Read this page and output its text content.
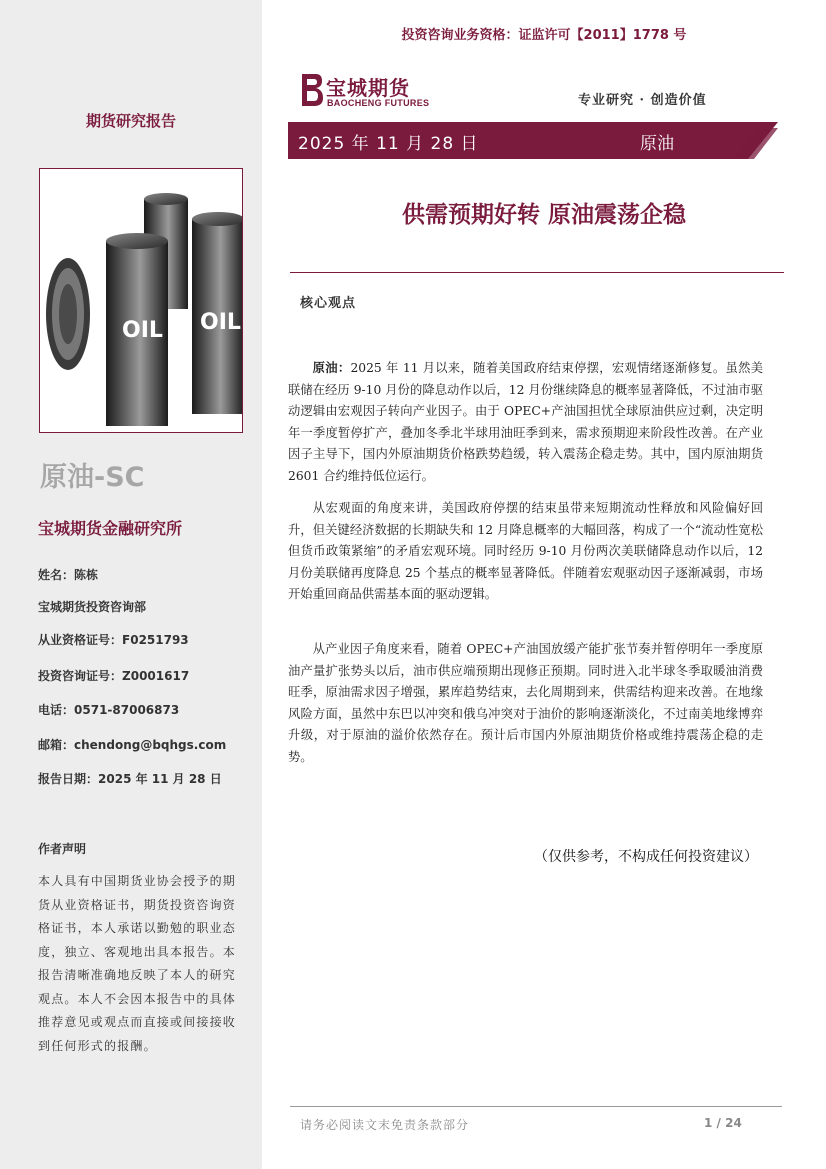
期货研究报告
OIL OIL
原油-SC
宝城期货金融研究所
姓名：陈栋
宝城期货投资咨询部
从业资格证号：F0251793
投资咨询证号：Z0001617
电话：0571-87006873
邮箱：chendong@bqhgs.com
报告日期：2025 年 11 月 28 日
作者声明
本人具有中国期货业协会授予的期货从业资格证书，期货投资咨询资格证书，本人承诺以勤勉的职业态度，独立、客观地出具本报告。本报告清晰准确地反映了本人的研究观点。本人不会因本报告中的具体推荐意见或观点而直接或间接接收到任何形式的报酬。
投资咨询业务资格：证监许可【2011】1778 号
宝城期货
BAOCHENG FUTURES	专业研究 · 创造价值
2025 年 11 月 28 日	原油
供需预期好转 原油震荡企稳
核心观点
原油：2025 年 11 月以来，随着美国政府结束停摆，宏观情绪逐渐修复。虽然美联储在经历 9-10 月份的降息动作以后，12 月份继续降息的概率显著降低，不过油市驱动逻辑由宏观因子转向产业因子。由于 OPEC+产油国担忧全球原油供应过剩，决定明年一季度暂停扩产，叠加冬季北半球用油旺季到来，需求预期迎来阶段性改善。在产业因子主导下，国内外原油期货价格跌势趋缓，转入震荡企稳走势。其中，国内原油期货 2601 合约维持低位运行。
从宏观面的角度来讲，美国政府停摆的结束虽带来短期流动性释放和风险偏好回升，但关键经济数据的长期缺失和 12 月降息概率的大幅回落，构成了一个“流动性宽松但货币政策紧缩”的矛盾宏观环境。同时经历 9-10 月份两次美联储降息动作以后，12 月份美联储再度降息 25 个基点的概率显著降低。伴随着宏观驱动因子逐渐减弱，市场开始重回商品供需基本面的驱动逻辑。
从产业因子角度来看，随着 OPEC+产油国放缓产能扩张节奏并暂停明年一季度原油产量扩张势头以后，油市供应端预期出现修正预期。同时进入北半球冬季取暖油消费旺季，原油需求因子增强，累库趋势结束，去化周期到来，供需结构迎来改善。在地缘风险方面，虽然中东巴以冲突和俄乌冲突对于油价的影响逐渐淡化，不过南美地缘博弈升级，对于原油的溢价依然存在。预计后市国内外原油期货价格或维持震荡企稳的走势。
（仅供参考，不构成任何投资建议）
请务必阅读文末免责条款部分	1 / 24
